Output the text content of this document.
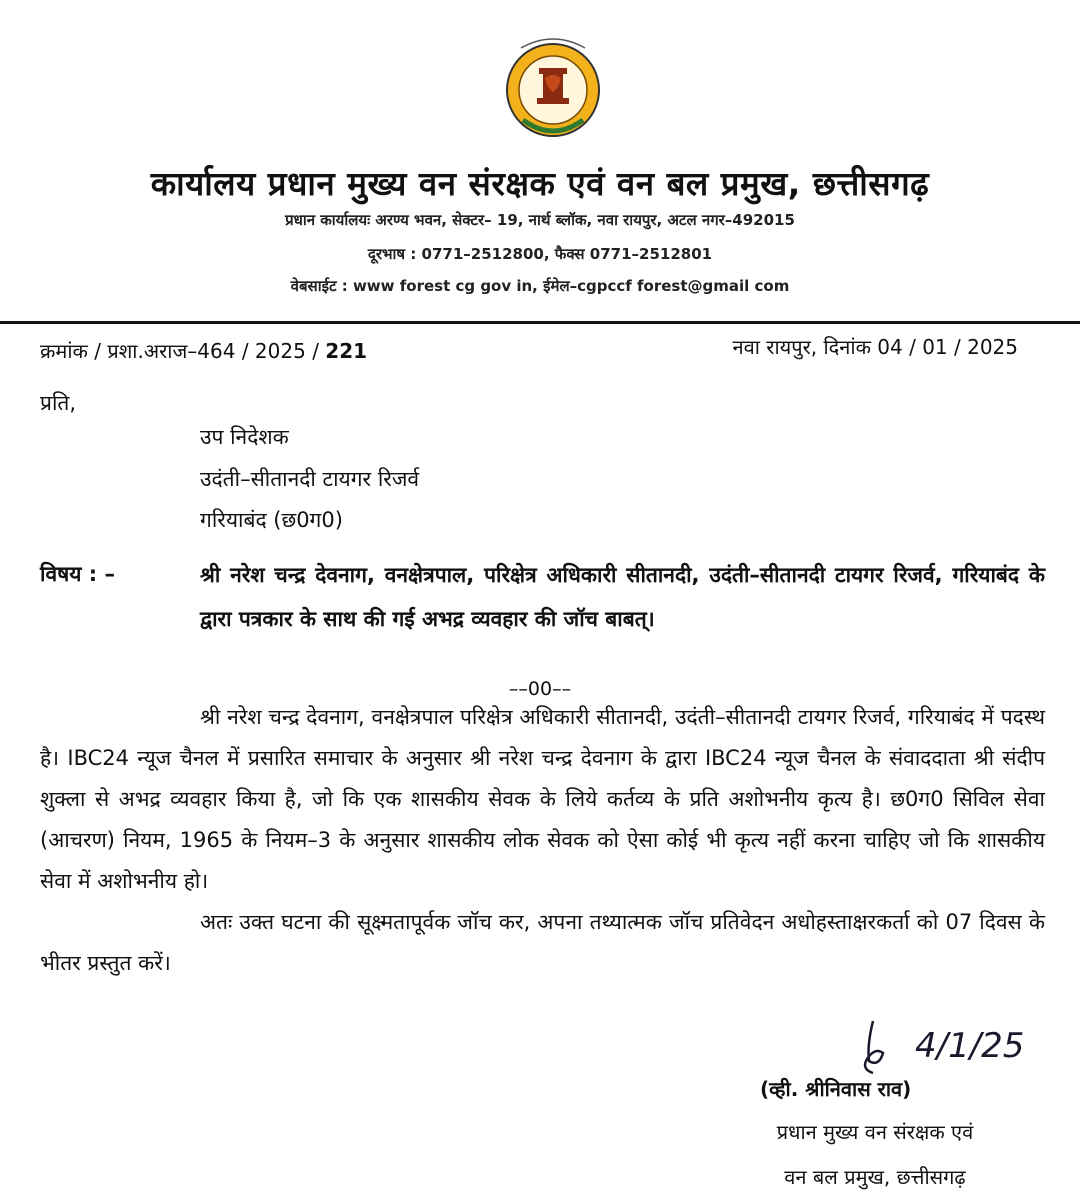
कार्यालय प्रधान मुख्य वन संरक्षक एवं वन बल प्रमुख, छत्तीसगढ़
प्रधान कार्यालयः अरण्य भवन, सेक्टर– 19, नार्थ ब्लॉक, नवा रायपुर, अटल नगर–492015
दूरभाष : 0771–2512800, फैक्स 0771–2512801
वेबसाईट : www forest cg gov in, ईमेल–cgpccf forest@gmail com
क्रमांक / प्रशा.अराज–464 / 2025 / 221	नवा रायपुर, दिनांक 04 / 01 / 2025
प्रति,
उप निदेशक
उदंती–सीतानदी टायगर रिजर्व
गरियाबंद (छ0ग0)
विषय : –	श्री नरेश चन्द्र देवनाग, वनक्षेत्रपाल, परिक्षेत्र अधिकारी सीतानदी, उदंती–सीतानदी टायगर रिजर्व, गरियाबंद के द्वारा पत्रकार के साथ की गई अभद्र व्यवहार की जॉच बाबत्।
––00––

श्री नरेश चन्द्र देवनाग, वनक्षेत्रपाल परिक्षेत्र अधिकारी सीतानदी, उदंती–सीतानदी टायगर रिजर्व, गरियाबंद में पदस्थ है। IBC24 न्यूज चैनल में प्रसारित समाचार के अनुसार श्री नरेश चन्द्र देवनाग के द्वारा IBC24 न्यूज चैनल के संवाददाता श्री संदीप शुक्ला से अभद्र व्यवहार किया है, जो कि एक शासकीय सेवक के लिये कर्तव्य के प्रति अशोभनीय कृत्य है। छ0ग0 सिविल सेवा (आचरण) नियम, 1965 के नियम–3 के अनुसार शासकीय लोक सेवक को ऐसा कोई भी कृत्य नहीं करना चाहिए जो कि शासकीय सेवा में अशोभनीय हो।

अतः उक्त घटना की सूक्ष्मतापूर्वक जॉच कर, अपना तथ्यात्मक जॉच प्रतिवेदन अधोहस्ताक्षरकर्ता को 07 दिवस के भीतर प्रस्तुत करें।

4/1/25
(व्ही. श्रीनिवास राव)
प्रधान मुख्य वन संरक्षक एवं
वन बल प्रमुख, छत्तीसगढ़
